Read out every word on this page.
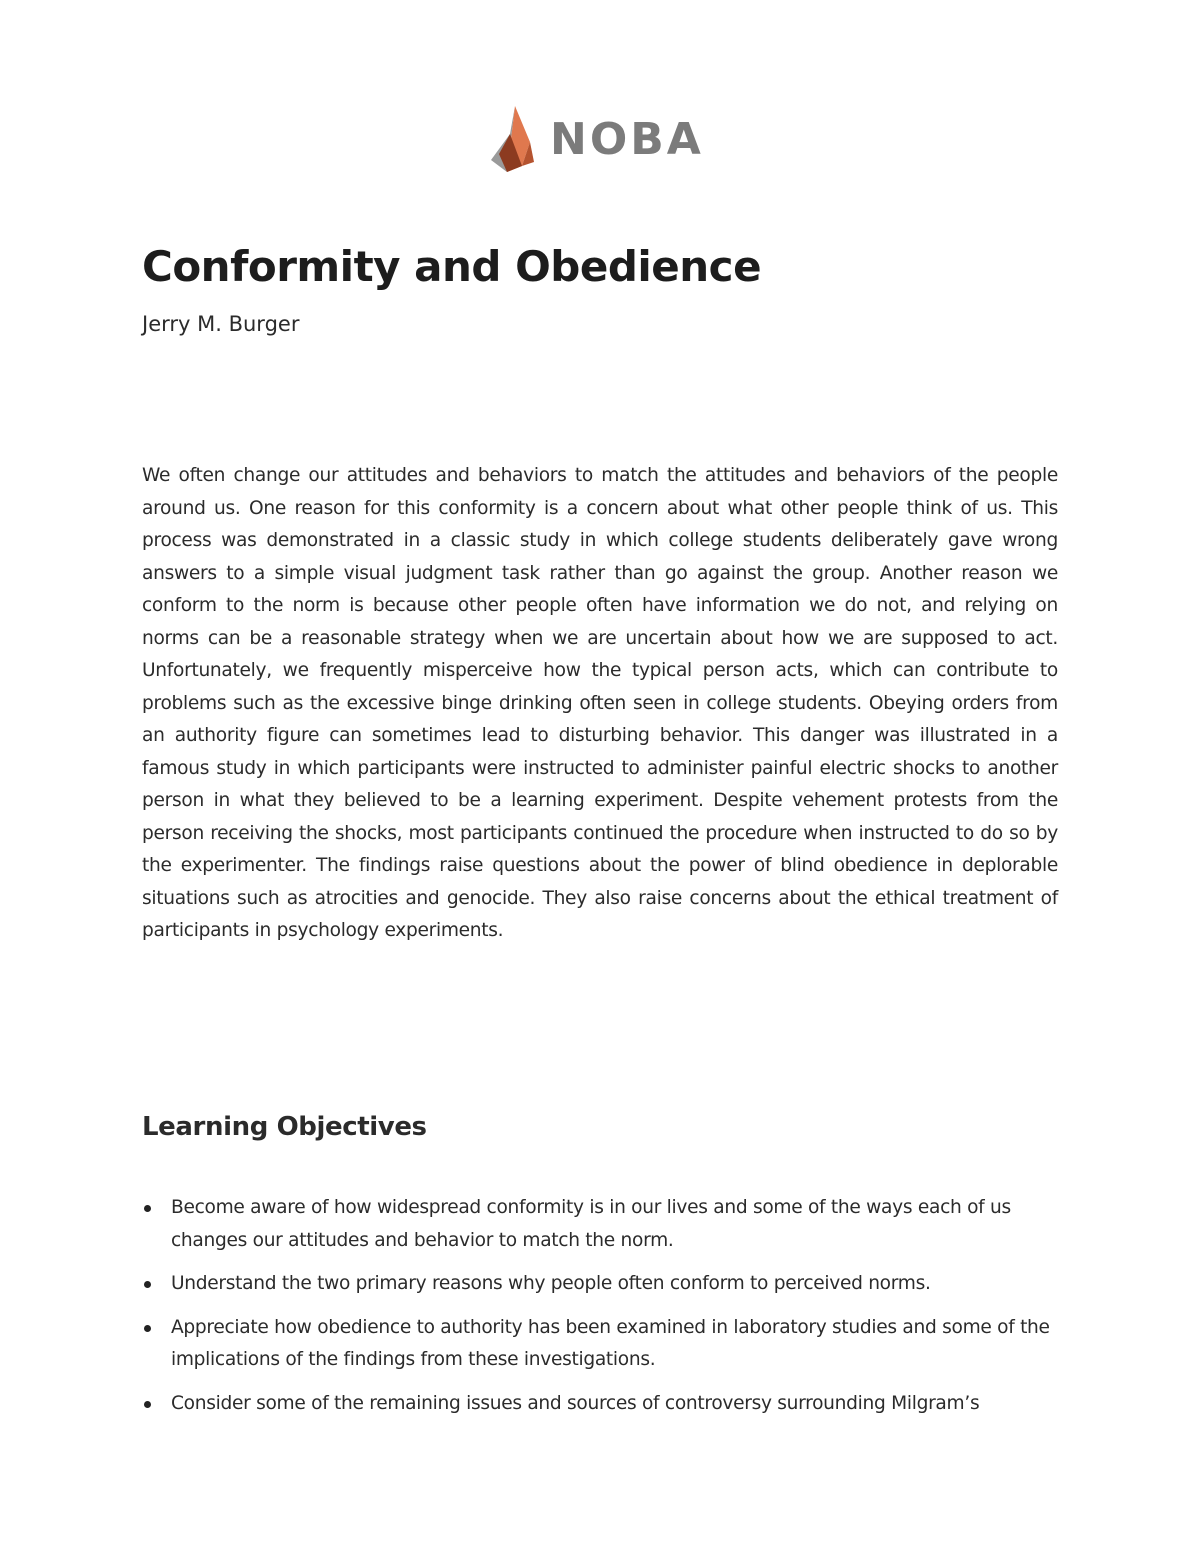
NOBA
Conformity and Obedience

Jerry M. Burger

We often change our attitudes and behaviors to match the attitudes and behaviors of the people around us. One reason for this conformity is a concern about what other people think of us. This process was demonstrated in a classic study in which college students deliberately gave wrong answers to a simple visual judgment task rather than go against the group. Another reason we conform to the norm is because other people often have information we do not, and relying on norms can be a reasonable strategy when we are uncertain about how we are supposed to act. Unfortunately, we frequently misperceive how the typical person acts, which can contribute to problems such as the excessive binge drinking often seen in college students. Obeying orders from an authority figure can sometimes lead to disturbing behavior. This danger was illustrated in a famous study in which participants were instructed to administer painful electric shocks to another person in what they believed to be a learning experiment. Despite vehement protests from the person receiving the shocks, most participants continued the procedure when instructed to do so by the experimenter. The findings raise questions about the power of blind obedience in deplorable situations such as atrocities and genocide. They also raise concerns about the ethical treatment of participants in psychology experiments.

Learning Objectives
Become aware of how widespread conformity is in our lives and some of the ways each of us changes our attitudes and behavior to match the norm.
Understand the two primary reasons why people often conform to perceived norms.
Appreciate how obedience to authority has been examined in laboratory studies and some of the implications of the findings from these investigations.
Consider some of the remaining issues and sources of controversy surrounding Milgram’s
